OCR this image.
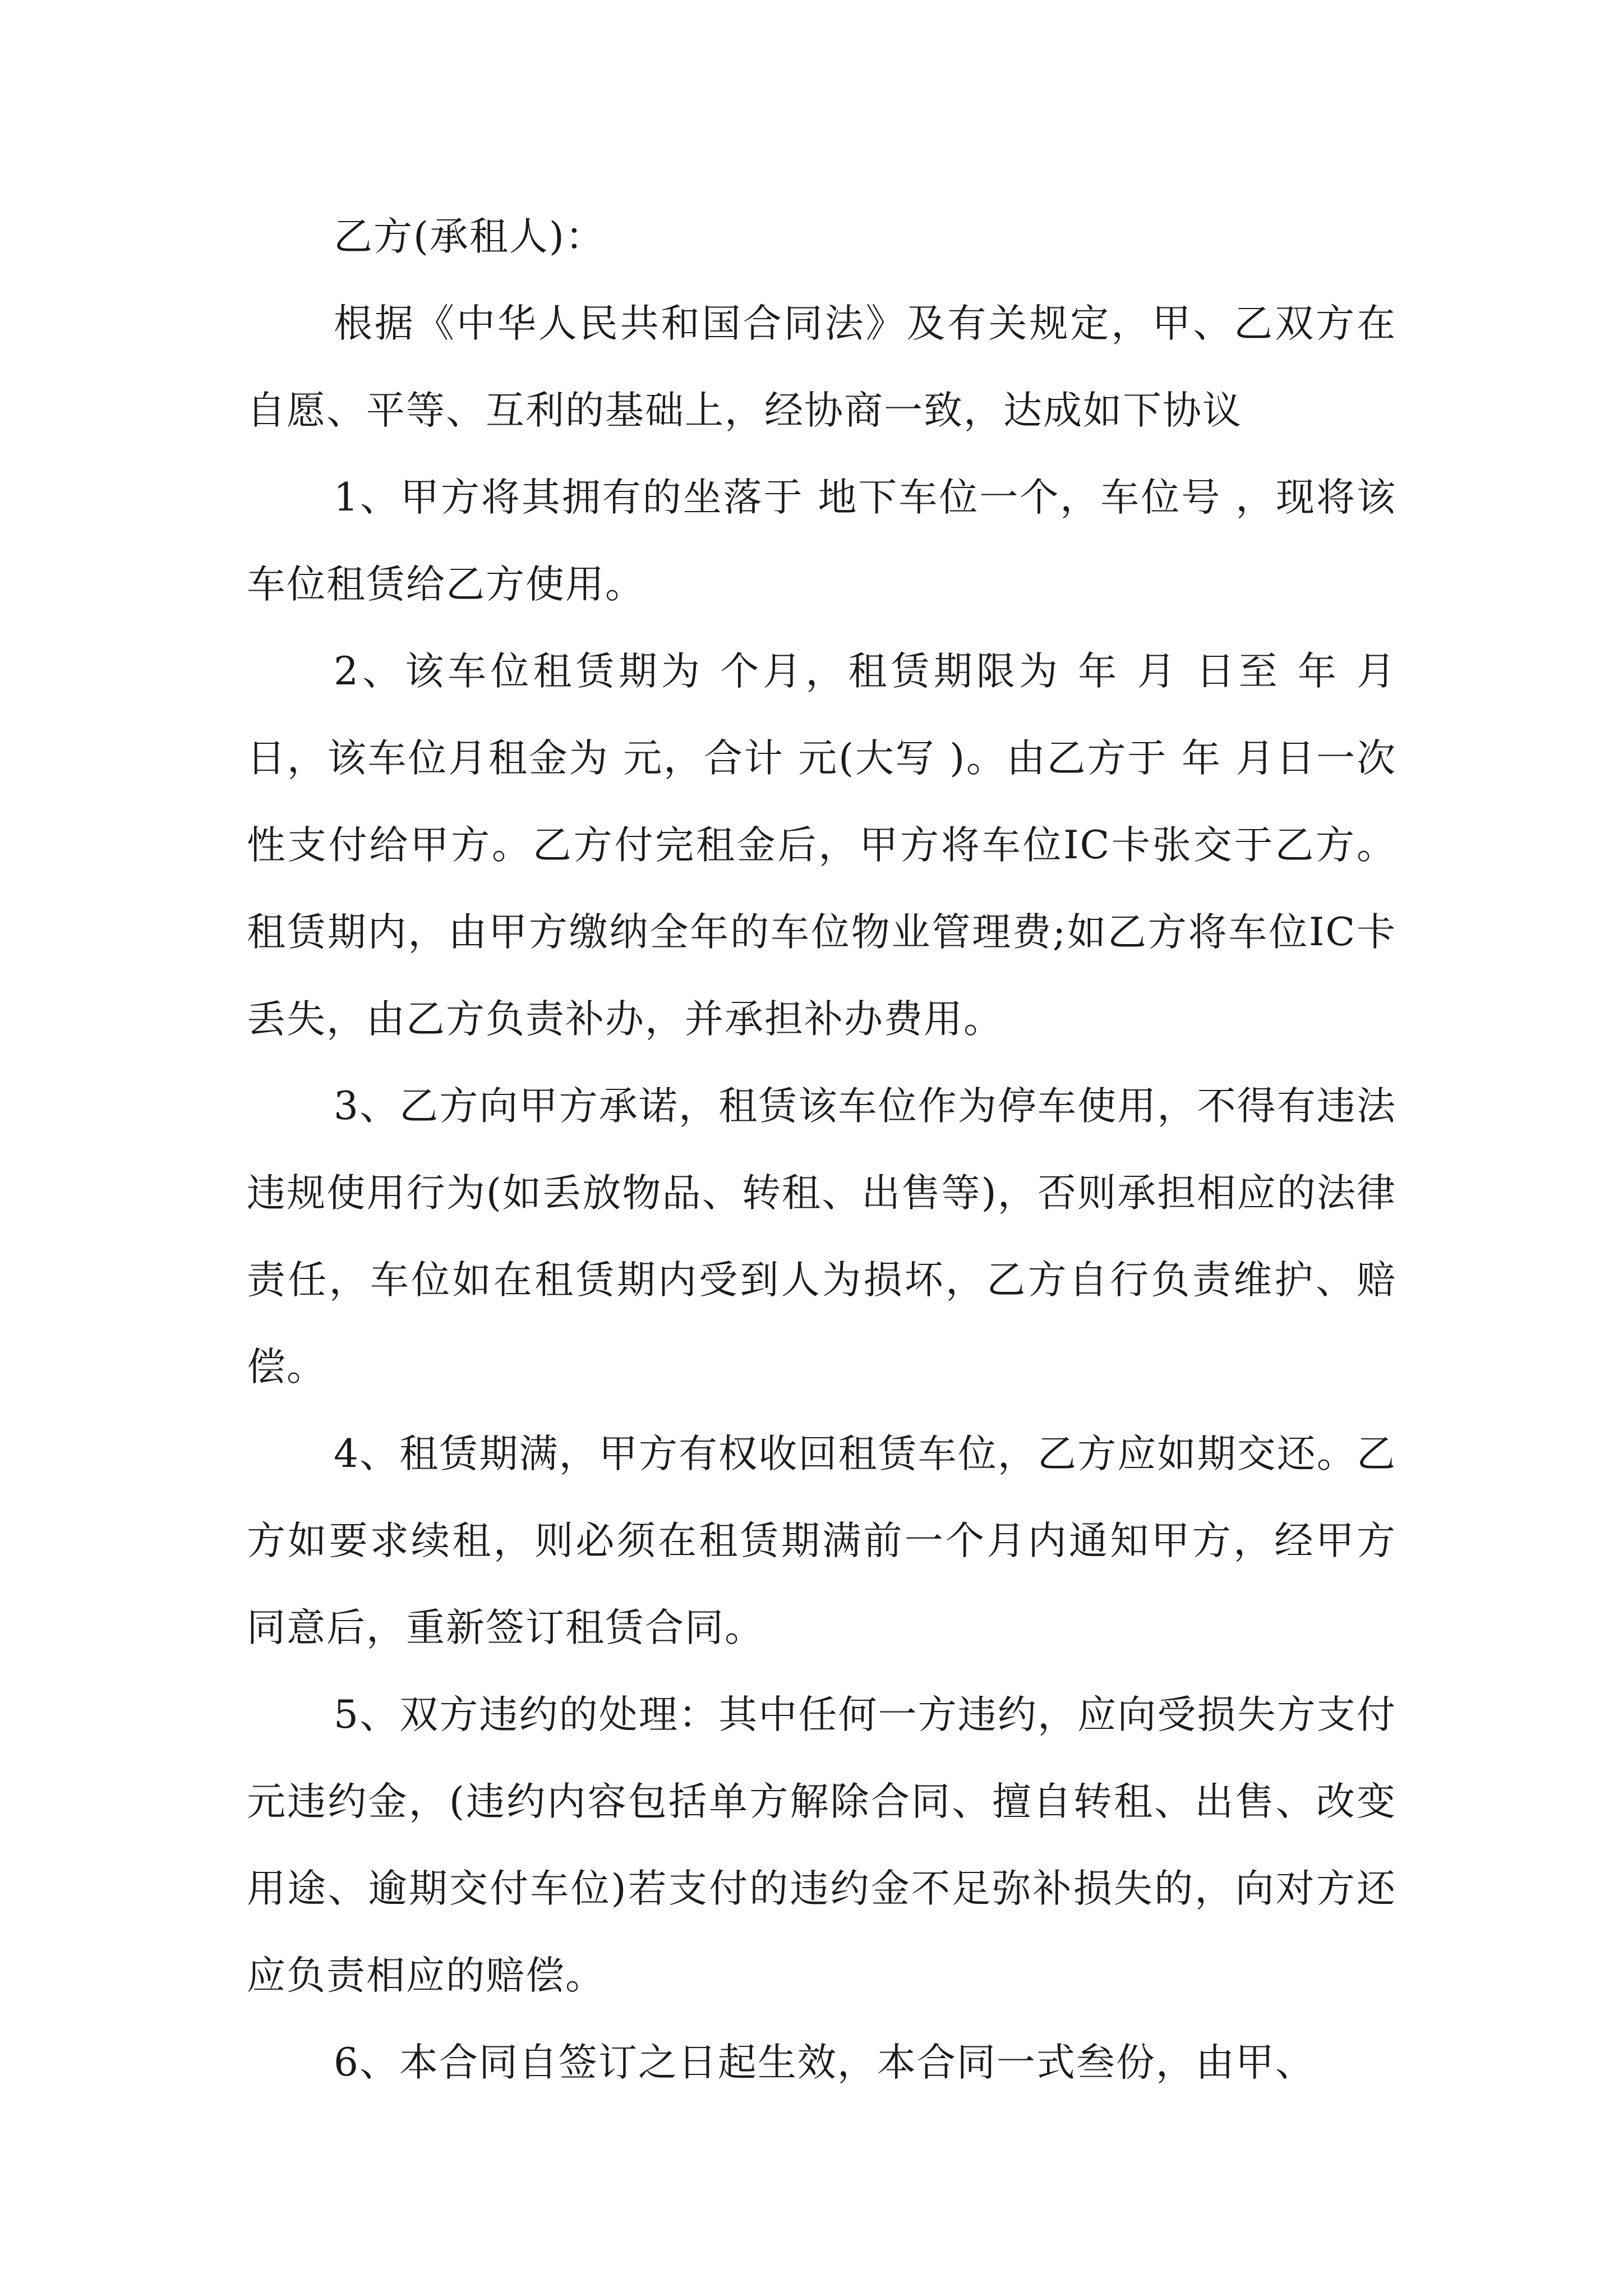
乙方(承租人)：

根据《中华人民共和国合同法》及有关规定，甲、乙双方在自愿、平等、互利的基础上，经协商一致，达成如下协议

1、甲方将其拥有的坐落于 地下车位一个，车位号 ，现将该车位租赁给乙方使用。

2、该车位租赁期为 个月，租赁期限为 年 月 日至 年 月 日，该车位月租金为 元，合计 元(大写 )。由乙方于 年 月日一次性支付给甲方。乙方付完租金后，甲方将车位IC卡张交于乙方。租赁期内，由甲方缴纳全年的车位物业管理费;如乙方将车位IC卡丢失，由乙方负责补办，并承担补办费用。

3、乙方向甲方承诺，租赁该车位作为停车使用，不得有违法违规使用行为(如丢放物品、转租、出售等)，否则承担相应的法律责任，车位如在租赁期内受到人为损坏，乙方自行负责维护、赔偿。

4、租赁期满，甲方有权收回租赁车位，乙方应如期交还。乙方如要求续租，则必须在租赁期满前一个月内通知甲方，经甲方同意后，重新签订租赁合同。

5、双方违约的处理：其中任何一方违约，应向受损失方支付元违约金，(违约内容包括单方解除合同、擅自转租、出售、改变用途、逾期交付车位)若支付的违约金不足弥补损失的，向对方还应负责相应的赔偿。

6、本合同自签订之日起生效，本合同一式叁份，由甲、
